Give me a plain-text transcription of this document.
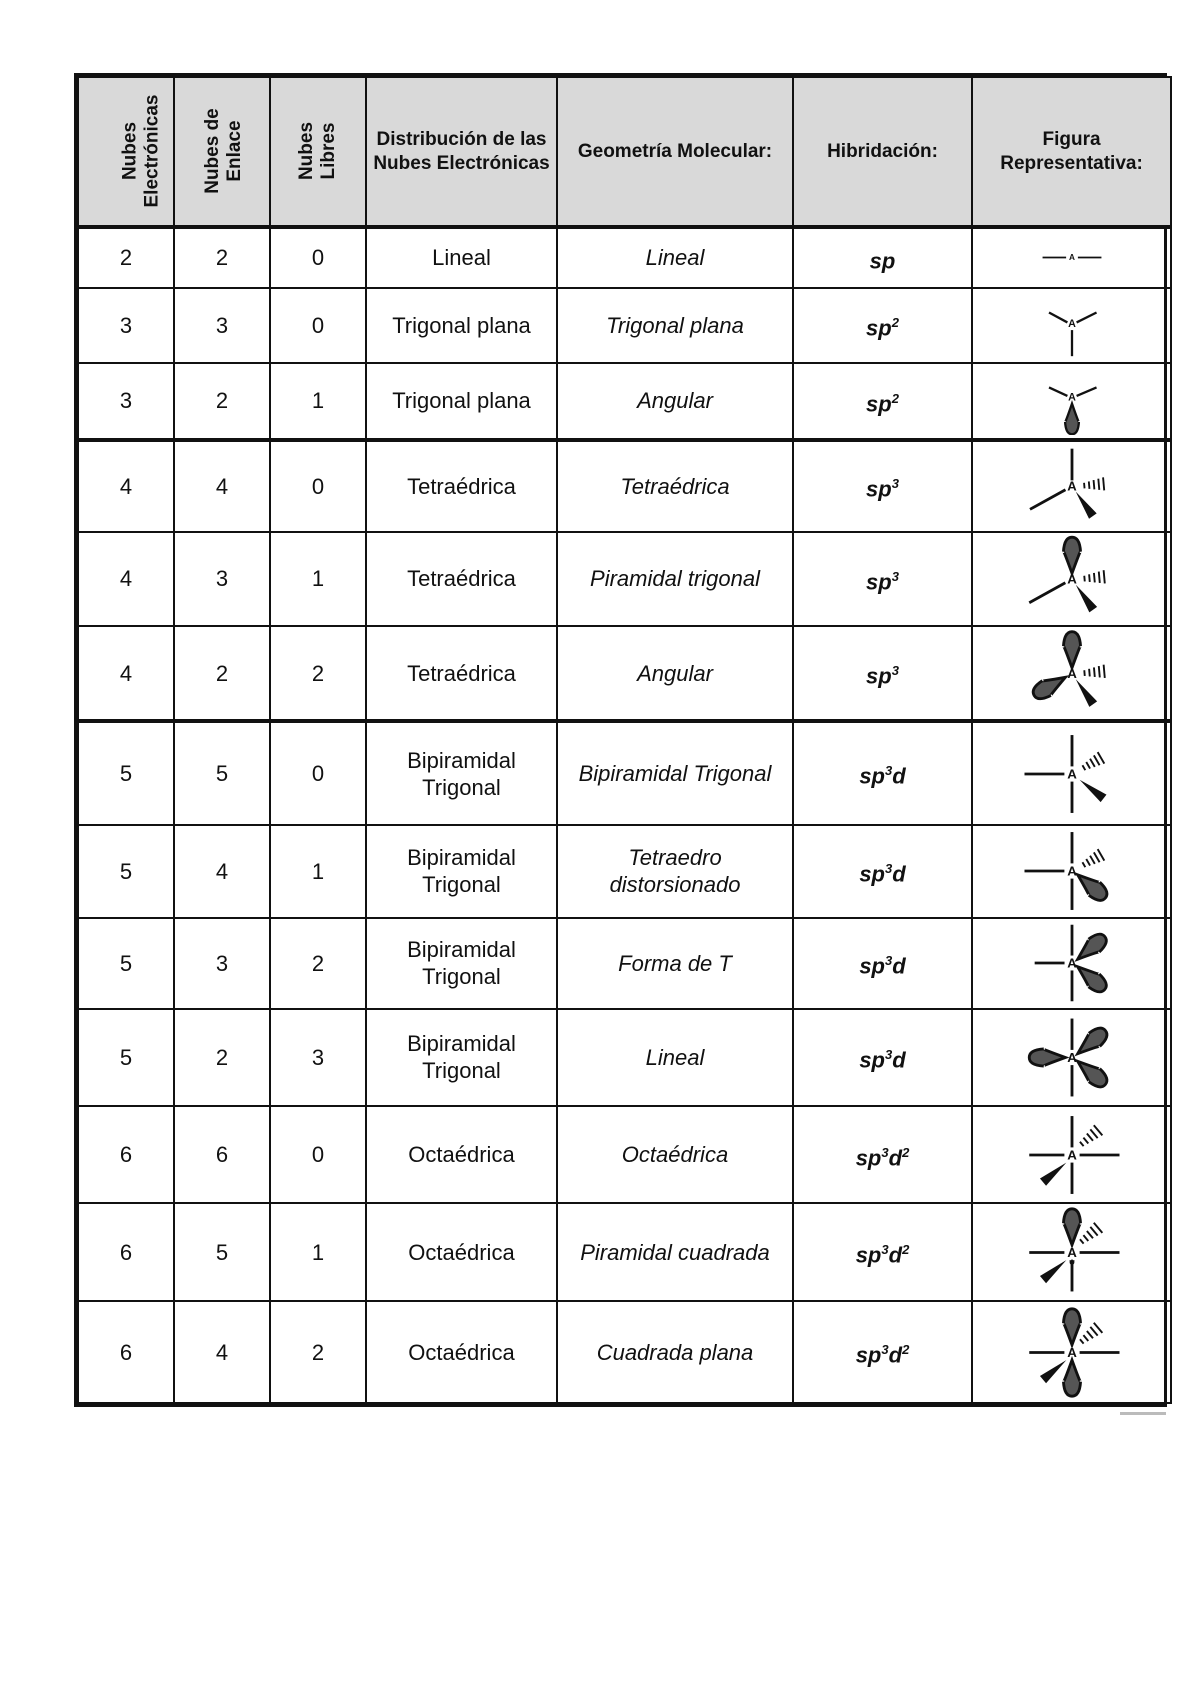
Nubes Electrónicas	Nubes de Enlace	Nubes Libres	Distribución de las Nubes Electrónicas	Geometría Molecular:	Hibridación:	Figura Representativa:
2	2	0	Lineal	Lineal	sp	A

3	3	0	Trigonal plana	Trigonal plana	$sp^2$	A

3	2	1	Trigonal plana	Angular	$sp^2$	A

4	4	0	Tetraédrica	Tetraédrica	$sp^3$	A

4	3	1	Tetraédrica	Piramidal trigonal	$sp^3$	A

4	2	2	Tetraédrica	Angular	$sp^3$	A

5	5	0	Bipiramidal Trigonal	Bipiramidal Trigonal	$sp^3d$	A

5	4	1	Bipiramidal Trigonal	Tetraedro distorsionado	$sp^3d$	A

5	3	2	Bipiramidal Trigonal	Forma de T	$sp^3d$	A

5	2	3	Bipiramidal Trigonal	Lineal	$sp^3d$	A

6	6	0	Octaédrica	Octaédrica	$sp^3d^2$	A

6	5	1	Octaédrica	Piramidal cuadrada	$sp^3d^2$	A

6	4	2	Octaédrica	Cuadrada plana	$sp^3d^2$	A
